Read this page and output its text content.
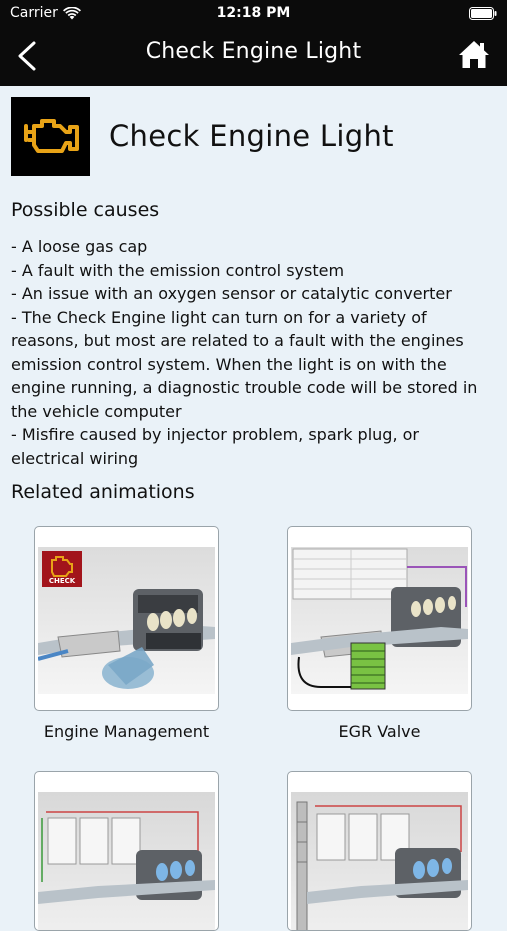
Carrier	12:18 PM
Check Engine Light
Check Engine Light
Possible causes
- A loose gas cap
- A fault with the emission control system
- An issue with an oxygen sensor or catalytic converter
- The Check Engine light can turn on for a variety of reasons, but most are related to a fault with the engines emission control system. When the light is on with the engine running, a diagnostic trouble code will be stored in the vehicle computer
- Misfire caused by injector problem, spark plug, or electrical wiring
Related animations
CHECK
Engine Management	EGR Valve
